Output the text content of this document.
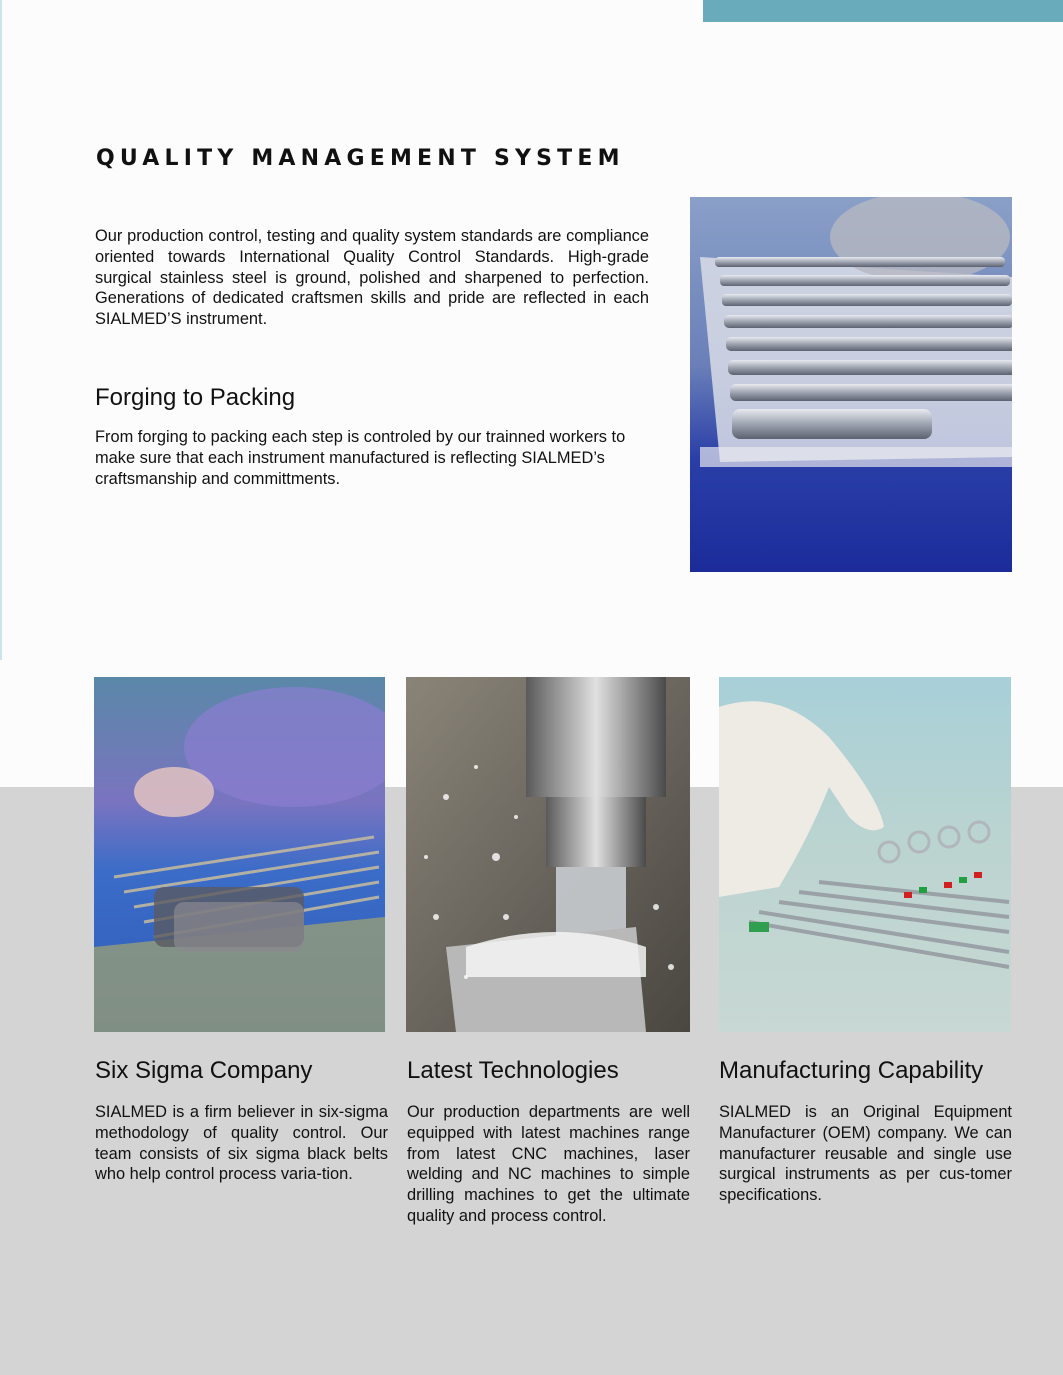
QUALITY MANAGEMENT SYSTEM

Our production control, testing and quality system standards are compliance oriented towards International Quality Control Standards. High-grade surgical stainless steel is ground, polished and sharpened to perfection. Generations of dedicated craftsmen skills and pride are reflected in each SIALMED’S instrument.

Forging to Packing

From forging to packing each step is controled by our trainned workers to make sure that each instrument manufactured is reflecting SIALMED’s craftsmanship and committments.

Six Sigma Company	Latest Technologies	Manufacturing Capability

SIALMED is a firm believer in six-sigma methodology of quality control. Our team consists of six sigma black belts who help control process varia-tion.

Our production departments are well equipped with latest machines range from latest CNC machines, laser welding and NC machines to simple drilling machines to get the ultimate quality and process control.

SIALMED is an Original Equipment Manufacturer (OEM) company. We can manufacturer reusable and single use surgical instruments as per cus-tomer specifications.
